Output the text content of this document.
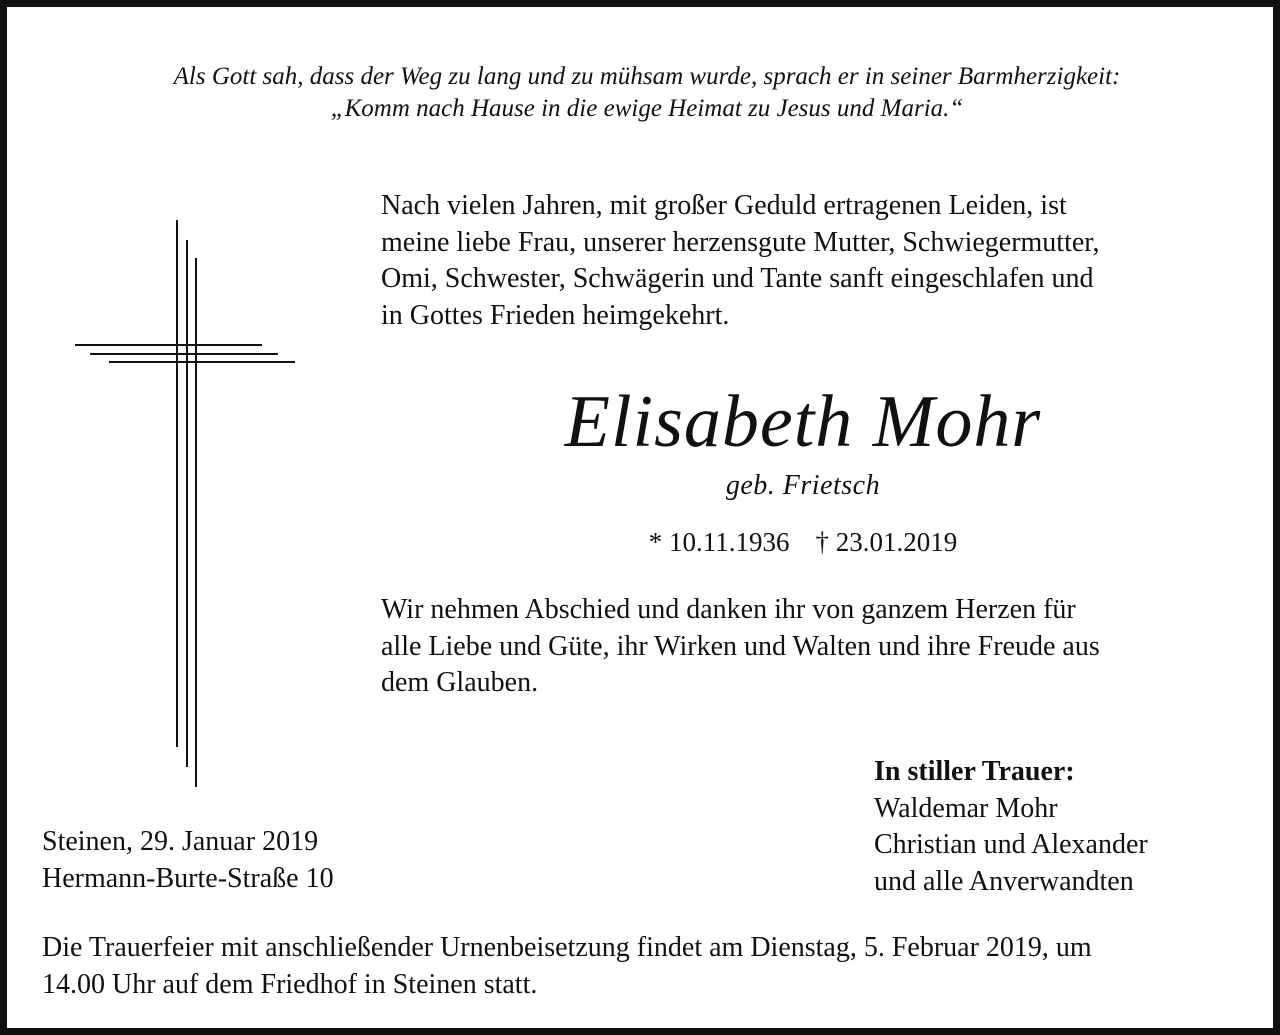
Als Gott sah, dass der Weg zu lang und zu mühsam wurde, sprach er in seiner Barmherzigkeit:
„Komm nach Hause in die ewige Heimat zu Jesus und Maria.“
Nach vielen Jahren, mit großer Geduld ertragenen Leiden, ist
meine liebe Frau, unserer herzensgute Mutter, Schwiegermutter,
Omi, Schwester, Schwägerin und Tante sanft eingeschlafen und
in Gottes Frieden heimgekehrt.
Elisabeth Mohr
geb. Frietsch
* 10.11.1936 † 23.01.2019
Wir nehmen Abschied und danken ihr von ganzem Herzen für
alle Liebe und Güte, ihr Wirken und Walten und ihre Freude aus
dem Glauben.
In stiller Trauer:
Waldemar Mohr
Christian und Alexander
und alle Anverwandten
Steinen, 29. Januar 2019
Hermann-Burte-Straße 10
Die Trauerfeier mit anschließender Urnenbeisetzung findet am Dienstag, 5. Februar 2019, um
14.00 Uhr auf dem Friedhof in Steinen statt.
